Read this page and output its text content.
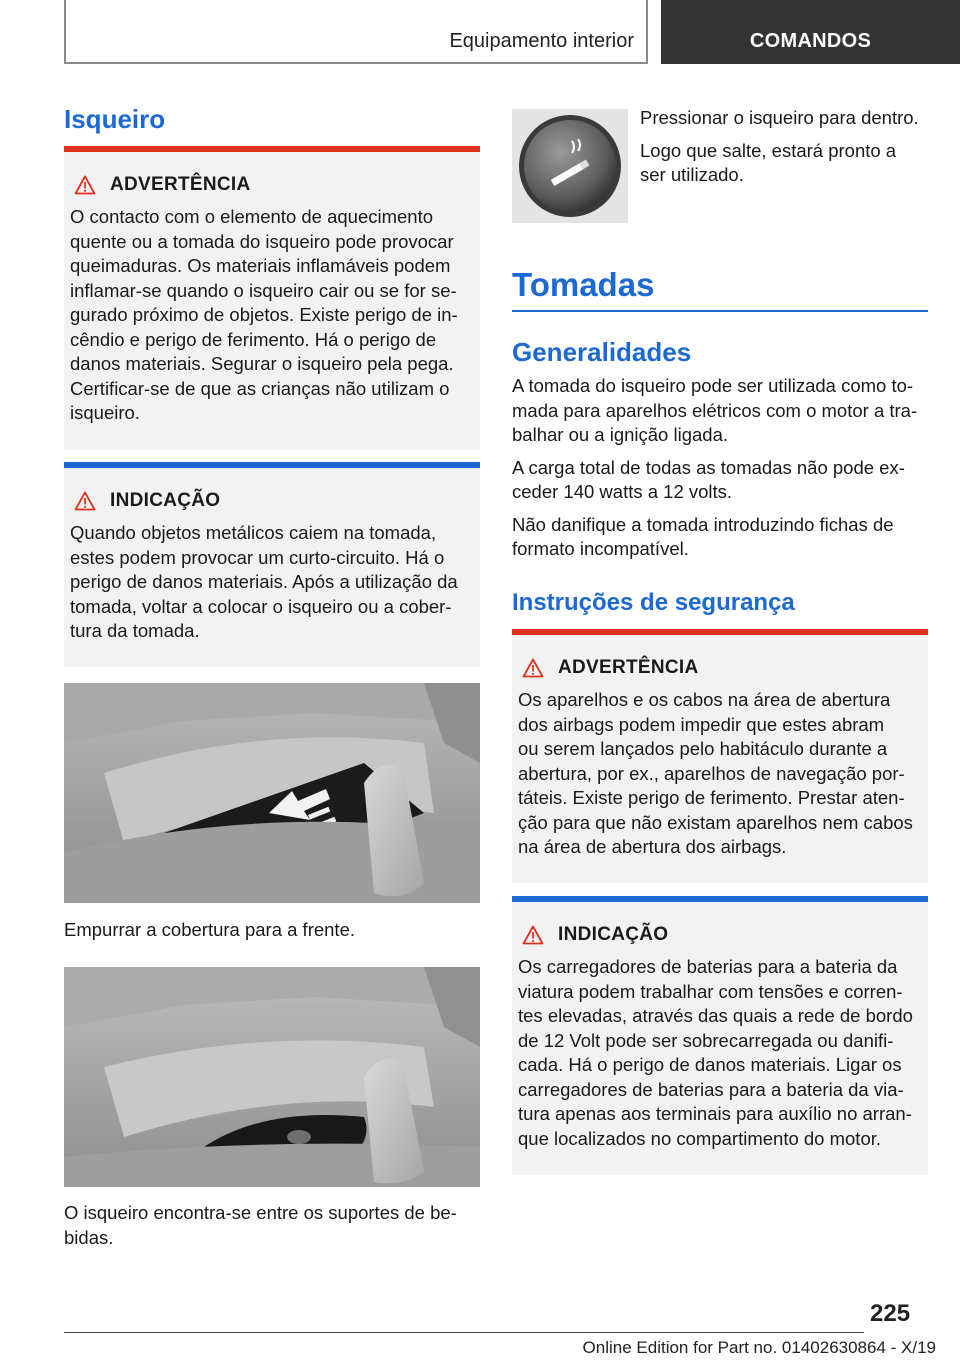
Equipamento interior	COMANDOS
Isqueiro
ADVERTÊNCIA

O contacto com o elemento de aquecimento

quente ou a tomada do isqueiro pode provocar

queimaduras. Os materiais inflamáveis podem

inflamar-se quando o isqueiro cair ou se for se-

gurado próximo de objetos. Existe perigo de in-

cêndio e perigo de ferimento. Há o perigo de

danos materiais. Segurar o isqueiro pela pega.

Certificar-se de que as crianças não utilizam o

isqueiro.

INDICAÇÃO

Quando objetos metálicos caiem na tomada,

estes podem provocar um curto-circuito. Há o

perigo de danos materiais. Após a utilização da

tomada, voltar a colocar o isqueiro ou a cober-

tura da tomada.

Empurrar a cobertura para a frente.

O isqueiro encontra-se entre os suportes de be-

bidas.

Pressionar o isqueiro para dentro.

Logo que salte, estará pronto a

ser utilizado.

Tomadas
Generalidades

A tomada do isqueiro pode ser utilizada como to-

mada para aparelhos elétricos com o motor a tra-

balhar ou a ignição ligada.

A carga total de todas as tomadas não pode ex-

ceder 140 watts a 12 volts.

Não danifique a tomada introduzindo fichas de

formato incompatível.

Instruções de segurança
ADVERTÊNCIA

Os aparelhos e os cabos na área de abertura

dos airbags podem impedir que estes abram

ou serem lançados pelo habitáculo durante a

abertura, por ex., aparelhos de navegação por-

táteis. Existe perigo de ferimento. Prestar aten-

ção para que não existam aparelhos nem cabos

na área de abertura dos airbags.

INDICAÇÃO

Os carregadores de baterias para a bateria da

viatura podem trabalhar com tensões e corren-

tes elevadas, através das quais a rede de bordo

de 12 Volt pode ser sobrecarregada ou danifi-

cada. Há o perigo de danos materiais. Ligar os

carregadores de baterias para a bateria da via-

tura apenas aos terminais para auxílio no arran-

que localizados no compartimento do motor.

225
Online Edition for Part no. 01402630864 - X/19
